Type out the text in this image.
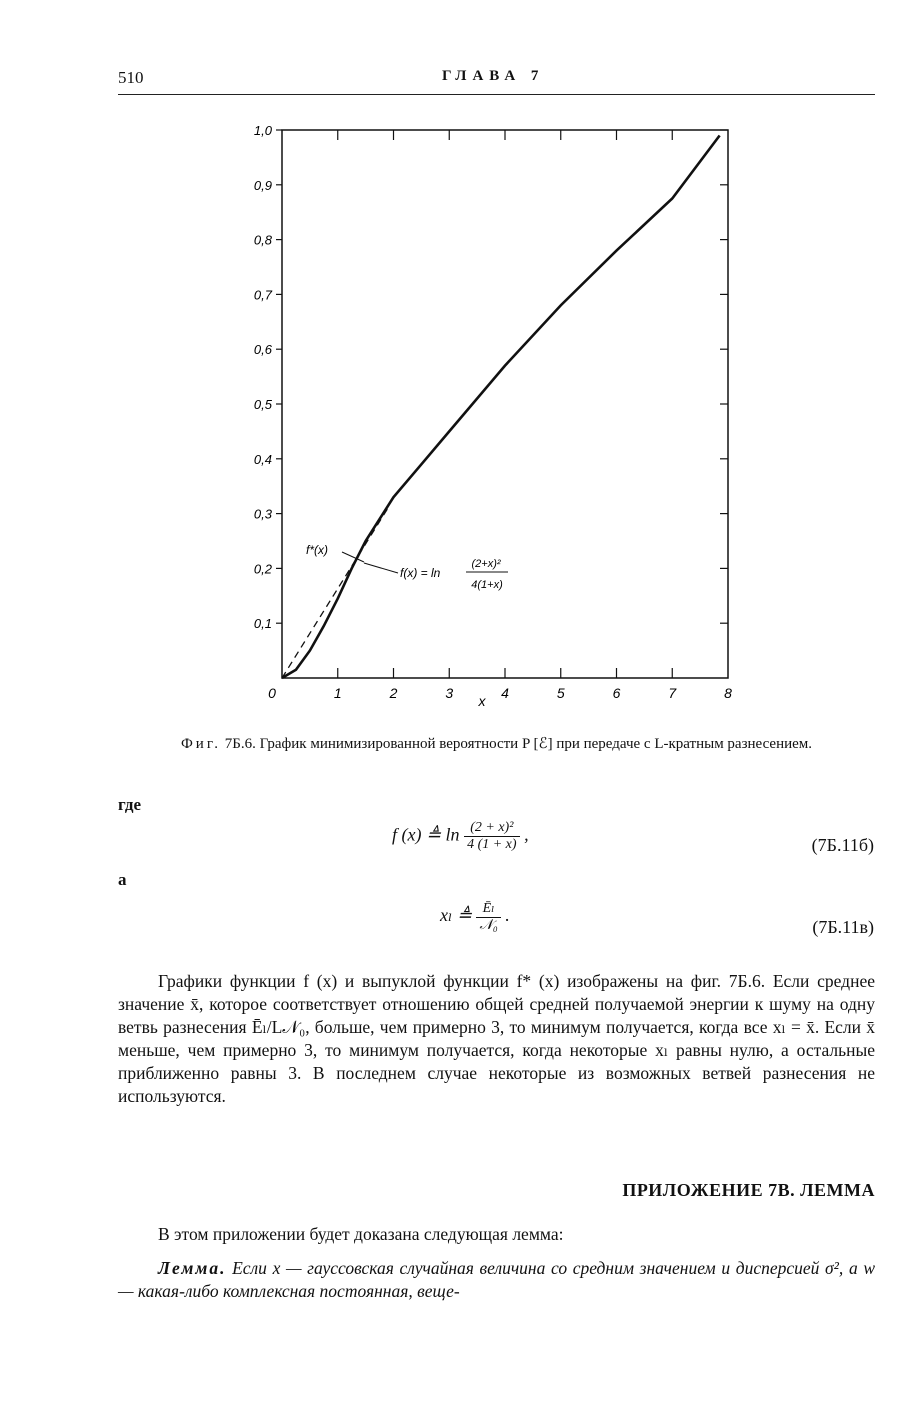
510	ГЛАВА 7
0,1
0,2
0,3
0,4
0,5
0,6
0,7
0,8
0,9
1,0
0	1	2	3	4	5	6	7	8
x
f*(x)
f(x) = ln
(2+x)²
4(1+x)
Фиг. 7Б.6. График минимизированной вероятности P [ℰ] при передаче с L-кратным разнесением.
где
f (x) ≜ $\ln \frac{\text{(2 + x)²}}{4 (1 + x)}$ ,
(7Б.11б)
а
xₗ ≜ $\frac{\text{Ēₗ}}{\text{𝒩₀}}$ .
(7Б.11в)

Графики функции f (x) и выпуклой функции f* (x) изображены на фиг. 7Б.6. Если среднее значение x̄, которое соответствует отношению общей средней получаемой энергии к шуму на одну ветвь разнесения Ēₗ/L𝒩₀, больше, чем примерно 3, то минимум получается, когда все xₗ = x̄. Если x̄ меньше, чем примерно 3, то минимум получается, когда некоторые xₗ равны нулю, а остальные приближенно равны 3. В последнем случае некоторые из возможных ветвей разнесения не используются.

ПРИЛОЖЕНИЕ 7В. ЛЕММА
В этом приложении будет доказана следующая лемма:
Лемма. Если x — гауссовская случайная величина со средним значением и дисперсией σ², а w — какая-либо комплексная постоянная, веще-
